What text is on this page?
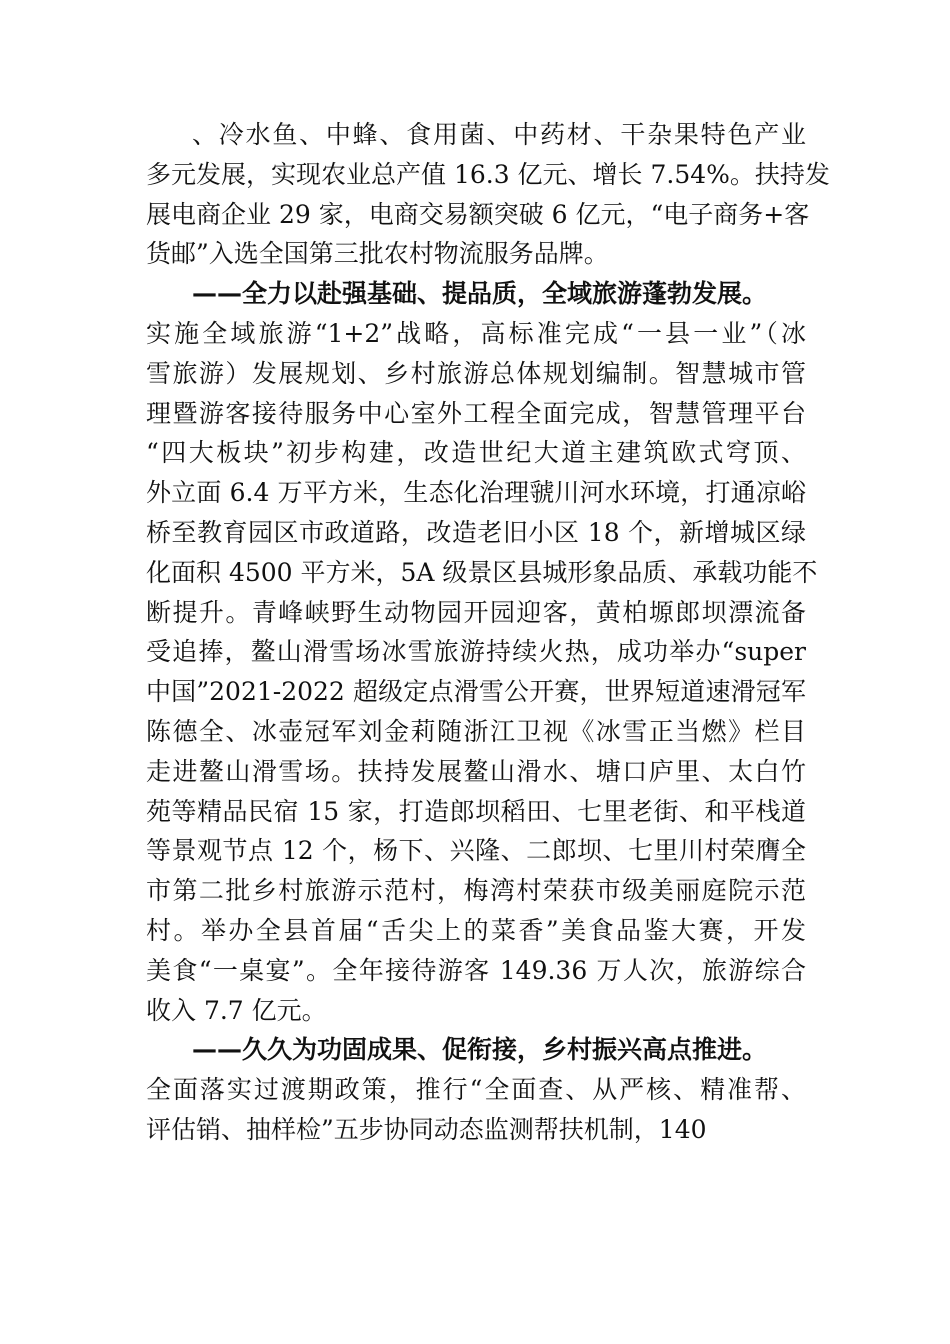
、冷水鱼、中蜂、食用菌、中药材、干杂果特色产业
多元发展，实现农业总产值 16.3 亿元、增长 7.54%。扶持发
展电商企业 29 家，电商交易额突破 6 亿元，“电子商务+客
货邮”入选全国第三批农村物流服务品牌。
——全力以赴强基础、提品质，全域旅游蓬勃发展。
实施全域旅游“1+2”战略，高标准完成“一县一业”（冰
雪旅游）发展规划、乡村旅游总体规划编制。智慧城市管
理暨游客接待服务中心室外工程全面完成，智慧管理平台
“四大板块”初步构建，改造世纪大道主建筑欧式穹顶、
外立面 6.4 万平方米，生态化治理虢川河水环境，打通凉峪
桥至教育园区市政道路，改造老旧小区 18 个，新增城区绿
化面积 4500 平方米，5A 级景区县城形象品质、承载功能不
断提升。青峰峡野生动物园开园迎客，黄柏塬郎坝漂流备
受追捧，鳌山滑雪场冰雪旅游持续火热，成功举办“super
中国”2021-2022 超级定点滑雪公开赛，世界短道速滑冠军
陈德全、冰壶冠军刘金莉随浙江卫视《冰雪正当燃》栏目
走进鳌山滑雪场。扶持发展鳌山滑水、塘口庐里、太白竹
苑等精品民宿 15 家，打造郎坝稻田、七里老街、和平栈道
等景观节点 12 个，杨下、兴隆、二郎坝、七里川村荣膺全
市第二批乡村旅游示范村，梅湾村荣获市级美丽庭院示范
村。举办全县首届“舌尖上的菜香”美食品鉴大赛，开发
美食“一桌宴”。全年接待游客 149.36 万人次，旅游综合
收入 7.7 亿元。
——久久为功固成果、促衔接，乡村振兴高点推进。
全面落实过渡期政策，推行“全面查、从严核、精准帮、
评估销、抽样检”五步协同动态监测帮扶机制，140
